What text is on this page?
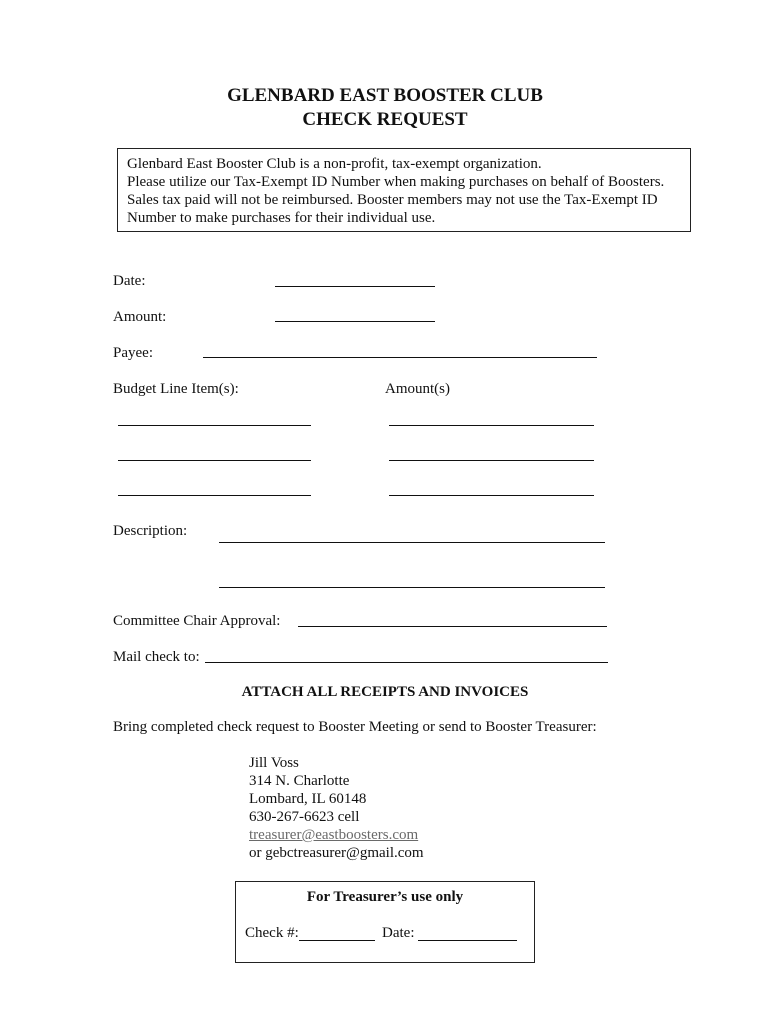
GLENBARD EAST BOOSTER CLUB
CHECK REQUEST
Glenbard East Booster Club is a non-profit, tax-exempt organization.
Please utilize our Tax-Exempt ID Number when making purchases on behalf of Boosters.
Sales tax paid will not be reimbursed. Booster members may not use the Tax-Exempt ID
Number to make purchases for their individual use.
Date:
Amount:
Payee:
Budget Line Item(s):	Amount(s)
Description:
Committee Chair Approval:
Mail check to:
ATTACH ALL RECEIPTS AND INVOICES
Bring completed check request to Booster Meeting or send to Booster Treasurer:
Jill Voss
314 N. Charlotte
Lombard, IL 60148
630-267-6623 cell
treasurer@eastboosters.com
or gebctreasurer@gmail.com
For Treasurer’s use only
Check #:	Date:
